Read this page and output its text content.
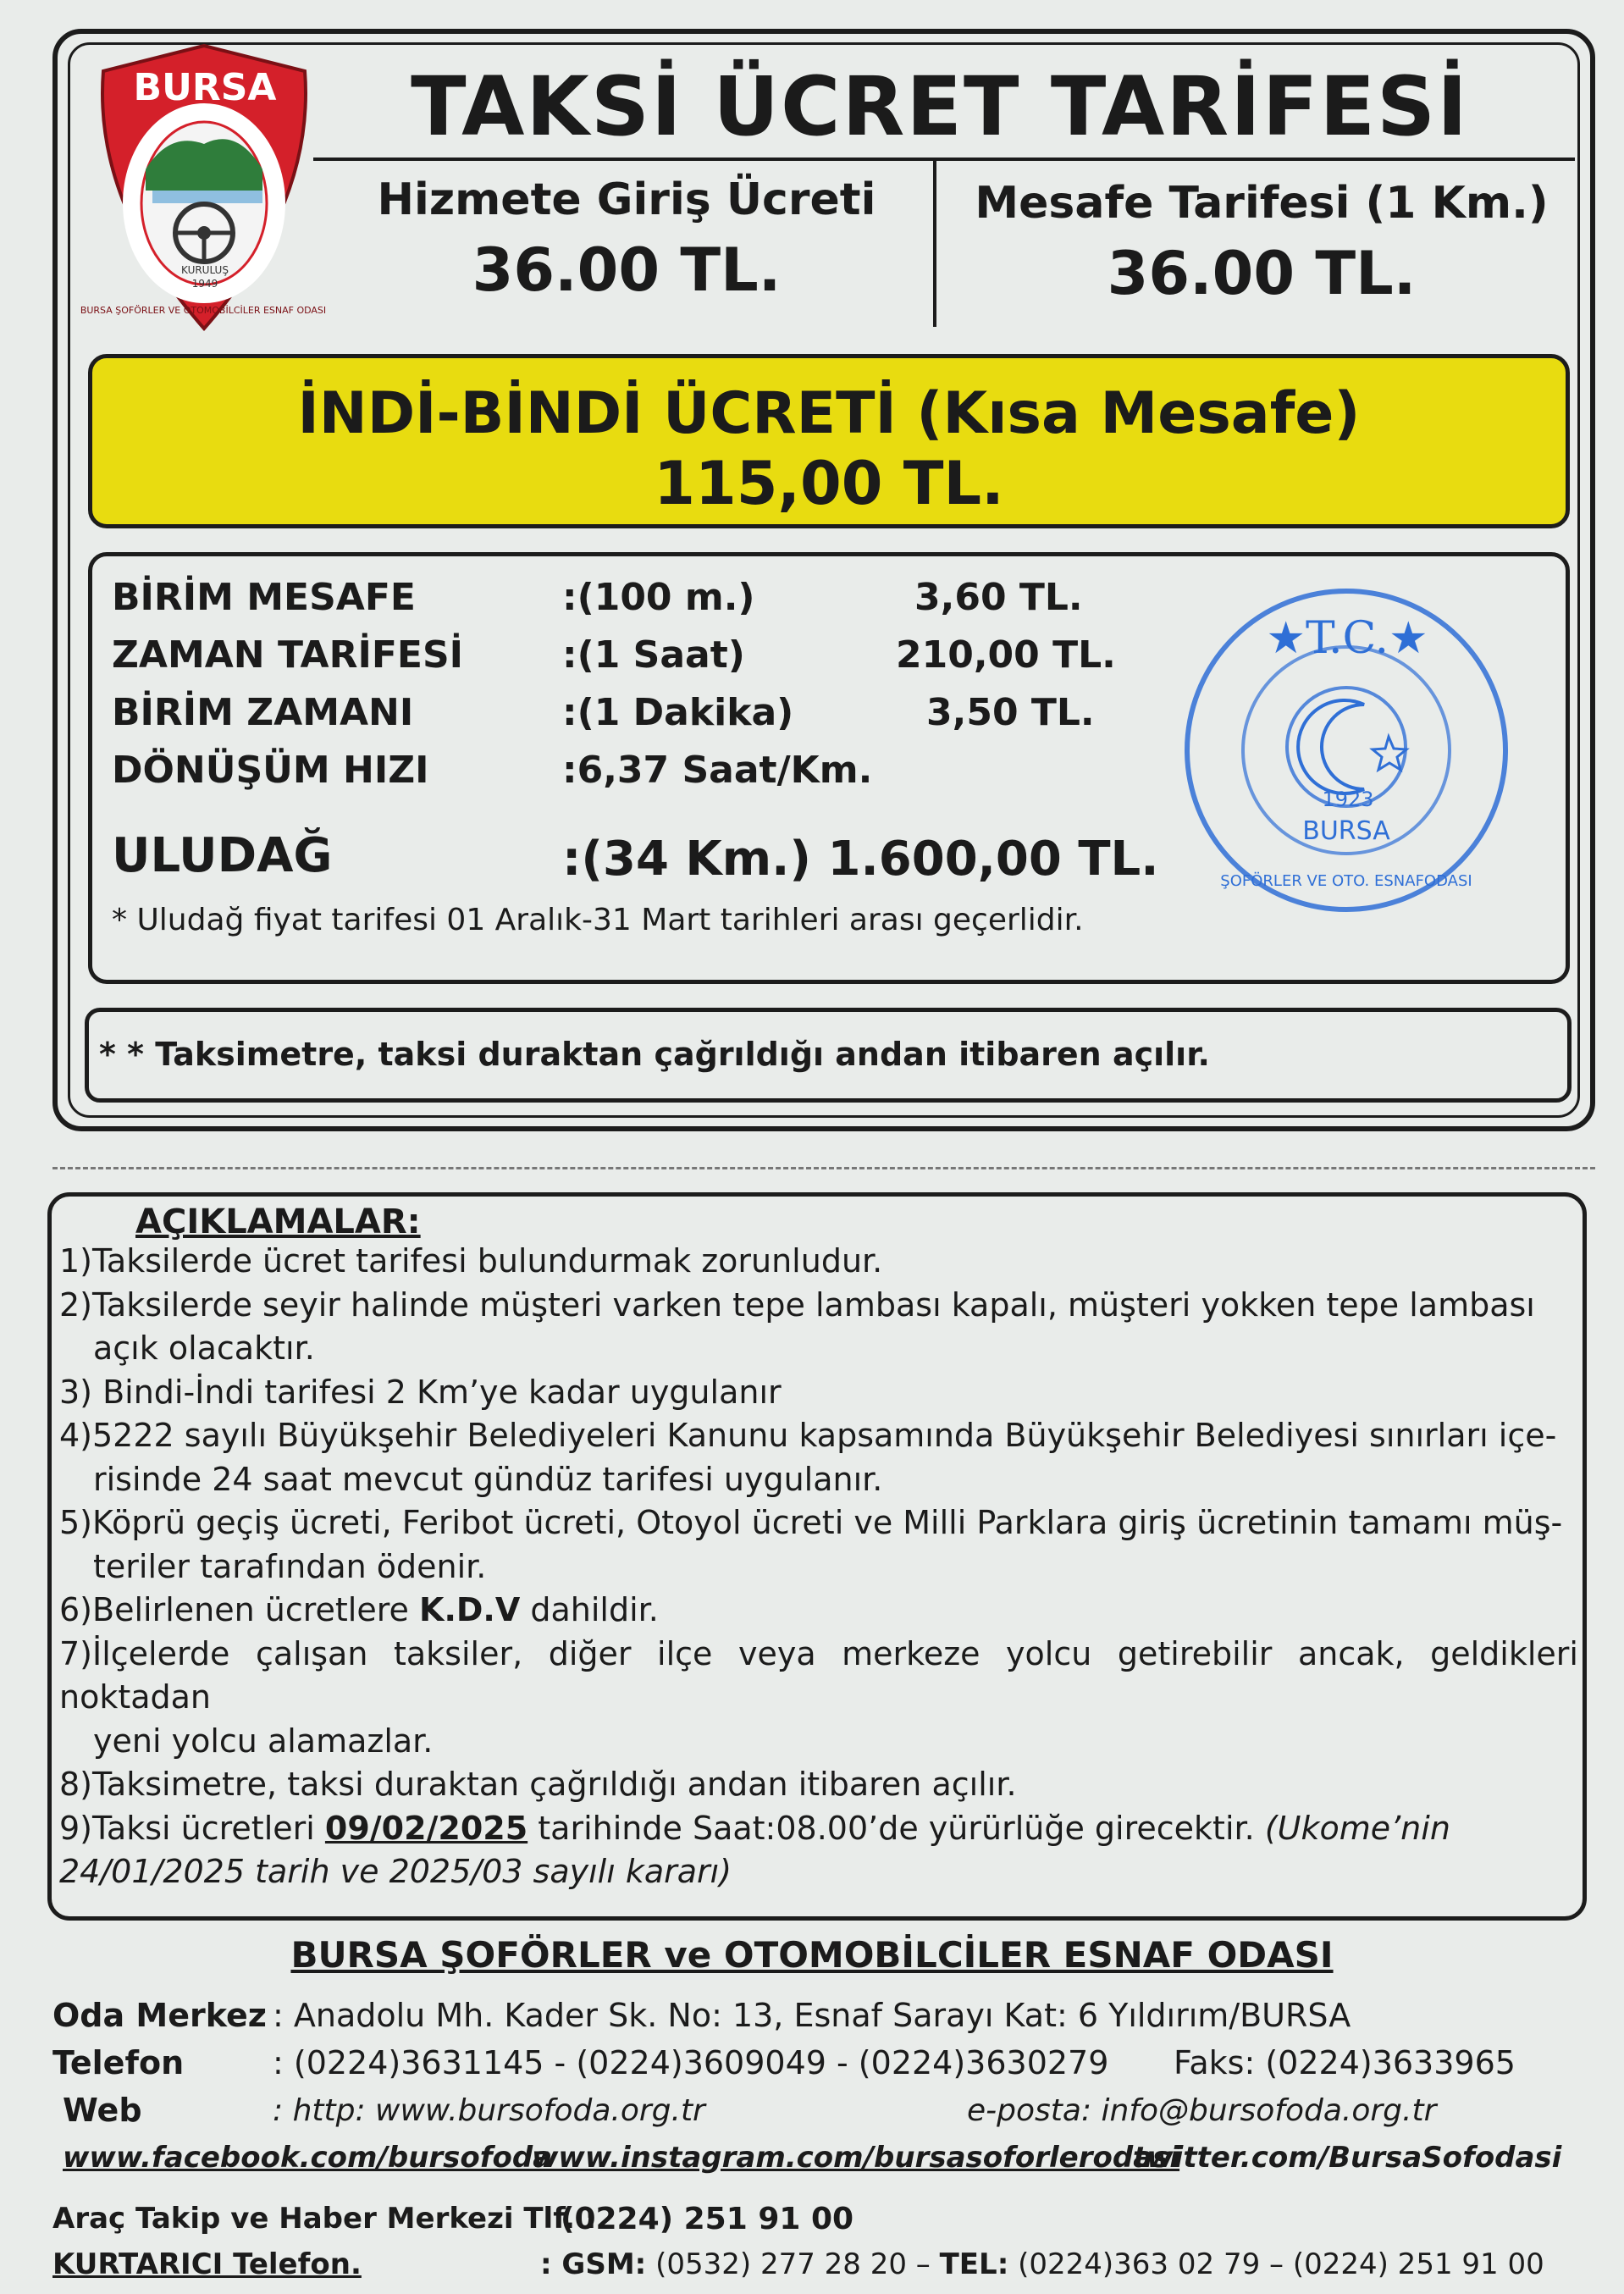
BURSA
KURULUŞ
1949
BURSA ŞOFÖRLER VE OTOMOBİLCİLER ESNAF ODASI
TAKSİ ÜCRET TARİFESİ
Hizmete Giriş Ücreti
36.00 TL.
Mesafe Tarifesi (1 Km.)
36.00 TL.
İNDİ-BİNDİ ÜCRETİ (Kısa Mesafe)
115,00 TL.
BİRİM MESAFE	:(100 m.)	3,60 TL.
ZAMAN TARİFESİ	:(1 Saat)	210,00 TL.
BİRİM ZAMANI	:(1 Dakika)	3,50 TL.
DÖNÜŞÜM HIZI	:6,37 Saat/Km.
ULUDAĞ	:(34 Km.) 1.600,00 TL.
* Uludağ fiyat tarifesi 01 Aralık-31 Mart tarihleri arası geçerlidir.
★T.C.★
1923
BURSA
ŞOFÖRLER VE OTO. ESNAFODASI
* * Taksimetre, taksi duraktan çağrıldığı andan itibaren açılır.
AÇIKLAMALAR:
1)Taksilerde ücret tarifesi bulundurmak zorunludur.
2)Taksilerde seyir halinde müşteri varken tepe lambası kapalı, müşteri yokken tepe lambası
açık olacaktır.
3) Bindi-İndi tarifesi 2 Km’ye kadar uygulanır
4)5222 sayılı Büyükşehir Belediyeleri Kanunu kapsamında Büyükşehir Belediyesi sınırları içe-
risinde 24 saat mevcut gündüz tarifesi uygulanır.
5)Köprü geçiş ücreti, Feribot ücreti, Otoyol ücreti ve Milli Parklara giriş ücretinin tamamı müş-
teriler tarafından ödenir.
6)Belirlenen ücretlere K.D.V dahildir.
7)İlçelerde çalışan taksiler, diğer ilçe veya merkeze yolcu getirebilir ancak, geldikleri noktadan
yeni yolcu alamazlar.
8)Taksimetre, taksi duraktan çağrıldığı andan itibaren açılır.
9)Taksi ücretleri 09/02/2025 tarihinde Saat:08.00’de yürürlüğe girecektir. (Ukome’nin
24/01/2025 tarih ve 2025/03 sayılı kararı)
BURSA ŞOFÖRLER ve OTOMOBİLCİLER ESNAF ODASI
Oda Merkez : Anadolu Mh. Kader Sk. No: 13, Esnaf Sarayı Kat: 6 Yıldırım/BURSA
Telefon	: (0224)3631145 - (0224)3609049 - (0224)3630279 Faks: (0224)3633965
Web	: http: www.bursofoda.org.tr	e-posta: info@bursofoda.org.tr
www.facebook.com/bursofoda
www.instagram.com/bursasoforlerodasi
twitter.com/BursaSofodasi
Araç Takip ve Haber Merkezi Tlf. :
(0224) 251 91 00
KURTARICI Telefon.	: GSM: (0532) 277 28 20 – TEL: (0224)363 02 79 – (0224) 251 91 00
